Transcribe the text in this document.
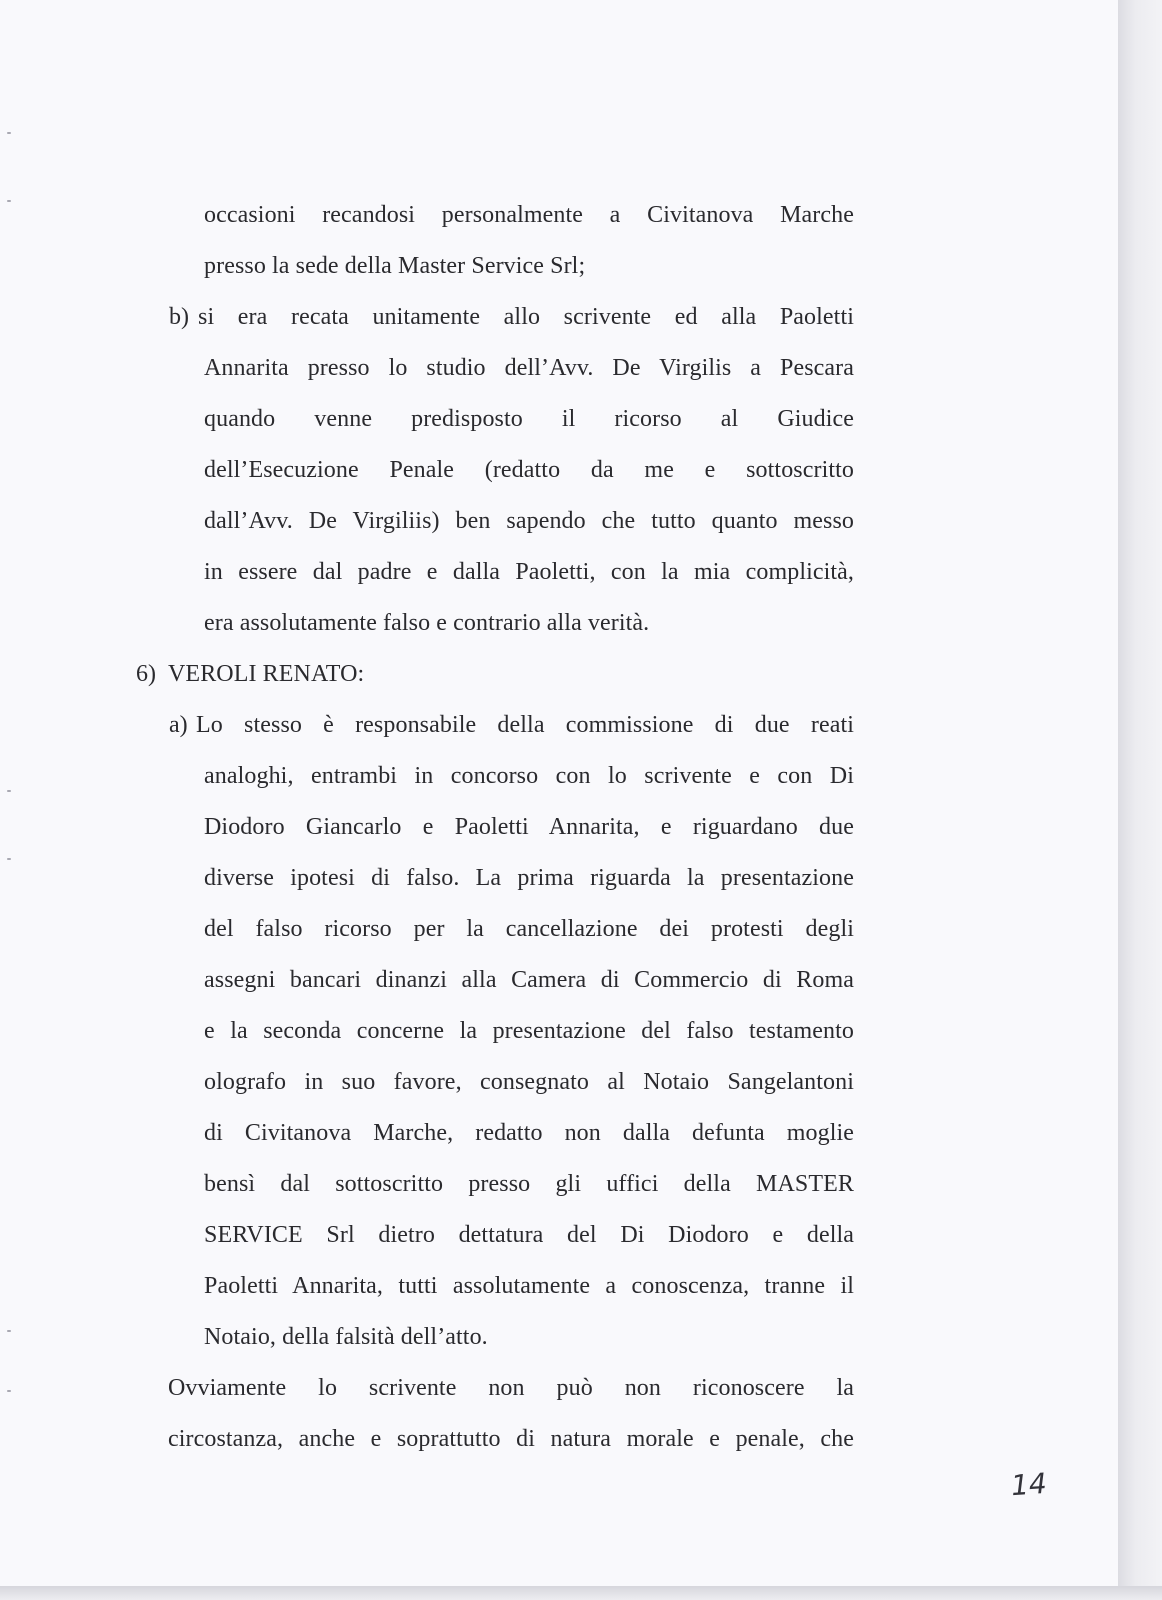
occasioni recandosi personalmente a Civitanova Marche
presso la sede della Master Service Srl;
b) si era recata unitamente allo scrivente ed alla Paoletti
Annarita presso lo studio dell’Avv. De Virgilis a Pescara
quando venne predisposto il ricorso al Giudice
dell’Esecuzione Penale (redatto da me e sottoscritto
dall’Avv. De Virgiliis) ben sapendo che tutto quanto messo
in essere dal padre e dalla Paoletti, con la mia complicità,
era assolutamente falso e contrario alla verità.
6) VEROLI RENATO:
a) Lo stesso è responsabile della commissione di due reati
analoghi, entrambi in concorso con lo scrivente e con Di
Diodoro Giancarlo e Paoletti Annarita, e riguardano due
diverse ipotesi di falso. La prima riguarda la presentazione
del falso ricorso per la cancellazione dei protesti degli
assegni bancari dinanzi alla Camera di Commercio di Roma
e la seconda concerne la presentazione del falso testamento
olografo in suo favore, consegnato al Notaio Sangelantoni
di Civitanova Marche, redatto non dalla defunta moglie
bensì dal sottoscritto presso gli uffici della MASTER
SERVICE Srl dietro dettatura del Di Diodoro e della
Paoletti Annarita, tutti assolutamente a conoscenza, tranne il
Notaio, della falsità dell’atto.
Ovviamente lo scrivente non può non riconoscere la
circostanza, anche e soprattutto di natura morale e penale, che
14
